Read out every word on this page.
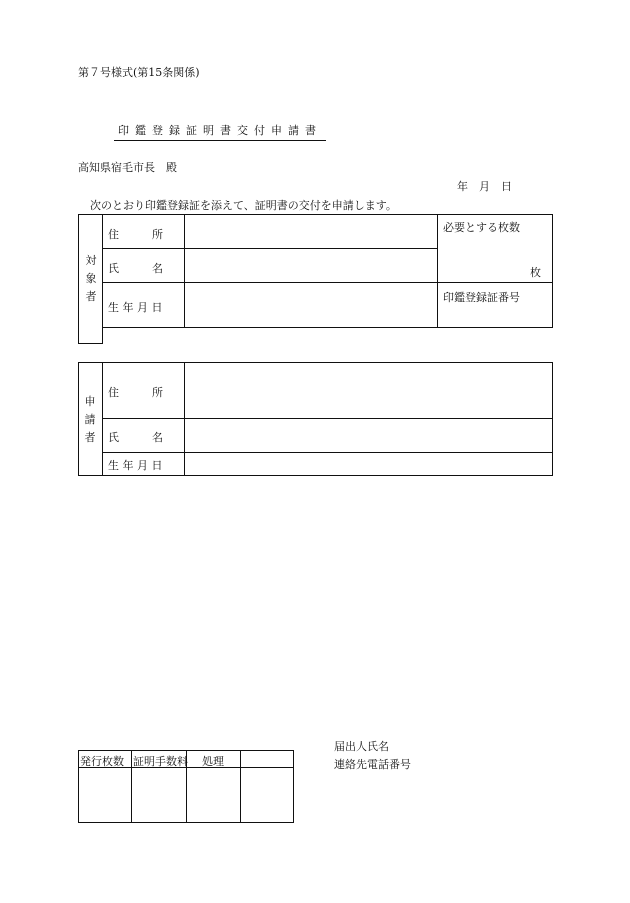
第７号様式(第15条関係)
印鑑登録証明書交付申請書
高知県宿毛市長　殿
年　月　日
次のとおり印鑑登録証を添えて、証明書の交付を申請します。
対
象
者
住　　　所
氏　　　名
生 年 月 日
必要とする枚数
枚
印鑑登録証番号
申
請
者
住　　　所
氏　　　名
生 年 月 日
発行枚数 証明手数料 処理
届出人氏名
連絡先電話番号
